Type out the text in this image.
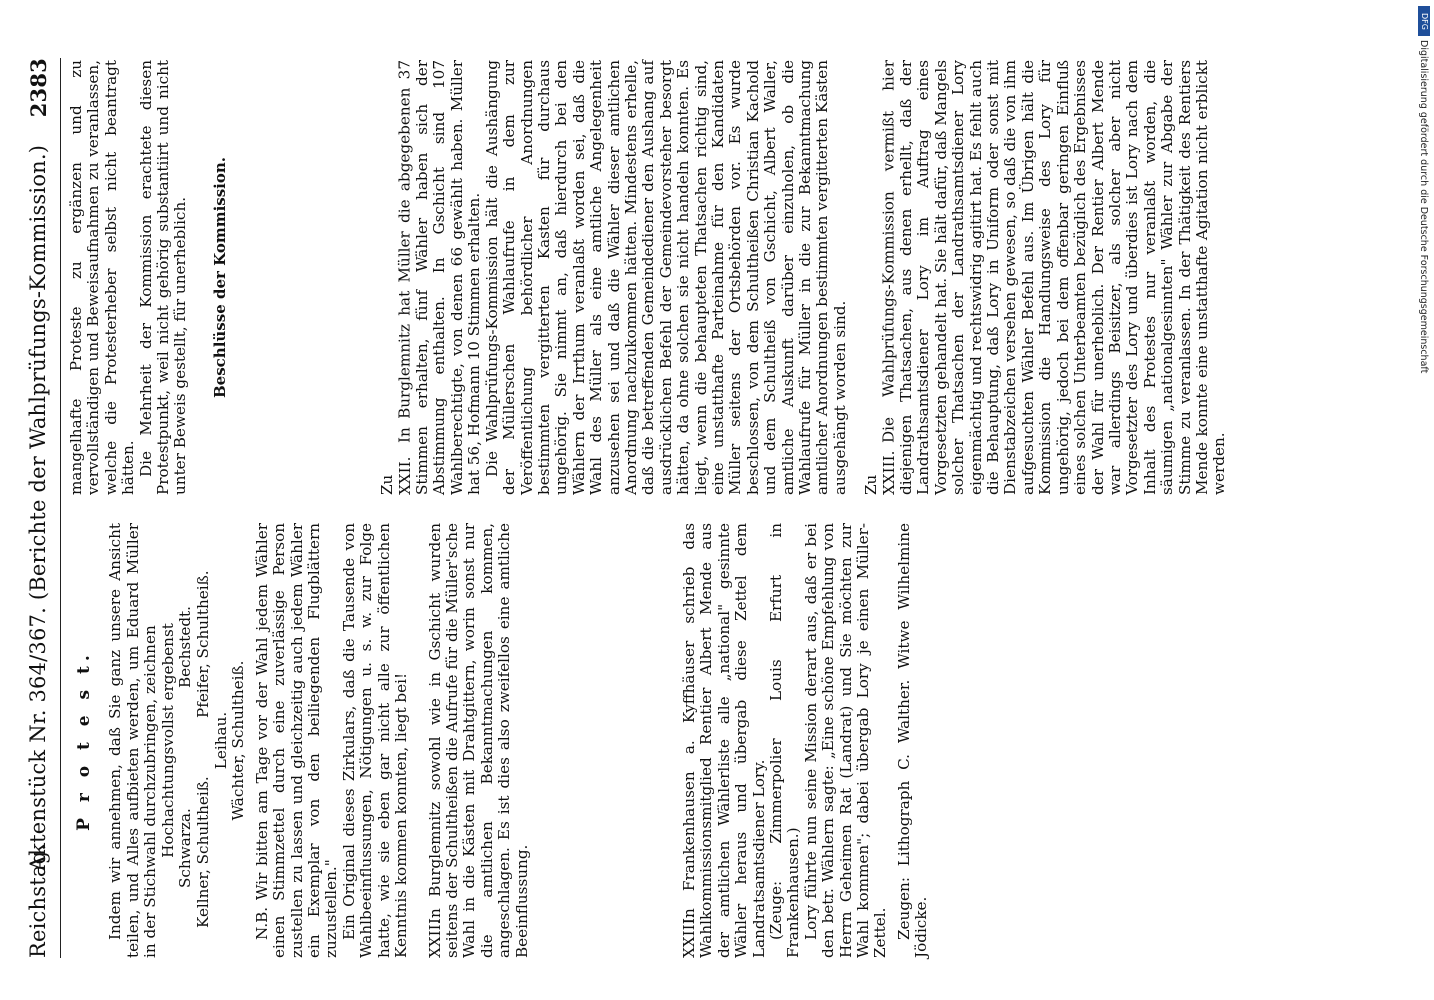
Reichstag.
Aktenstück Nr. 364/367. (Berichte der Wahlprüfungs-Kommission.)
2383
P r o t e s t. Indem wir annehmen, daß Sie ganz unsere Ansicht teilen, und Alles aufbieten werden, um Eduard Müller in der Stichwahl durchzubringen, zeichnen Hochachtungsvollst ergebenst Schwarza.
Bechstedt.
Kellner, Schultheiß.
Pfeifer, Schultheiß.

Leihau. Wächter, Schultheiß. N.B. Wir bitten am Tage vor der Wahl jedem Wähler einen Stimmzettel durch eine zuverlässige Person zustellen zu lassen und gleichzeitig auch jedem Wähler ein Exemplar von den beiliegenden Flugblättern zuzustellen." Ein Original dieses Zirkulars, daß die Tausende von Wahlbeeinflussungen, Nötigungen u. s. w. zur Folge hatte, wie sie eben gar nicht alle zur öffentlichen Kenntnis kommen konnten, liegt bei! XXII.In Burglemnitz sowohl wie in Gschicht wurden seitens der Schultheißen die Aufrufe für die Müller'sche Wahl in die Kästen mit Drahtgittern, worin sonst nur die amtlichen Bekanntmachungen kommen, angeschlagen. Es ist dies also zweifellos eine amtliche Beeinflussung.	XXIII.In Frankenhausen a. Kyffhäuser schrieb das Wahlkommissionsmitglied Rentier Albert Mende aus der amtlichen Wählerliste alle „national" gesinnte Wähler heraus und übergab diese Zettel dem Landratsamtsdiener Lory. (Zeuge: Zimmerpolier Louis Erfurt in Frankenhausen.) Lory führte nun seine Mission derart aus, daß er bei den betr. Wählern sagte: „Eine schöne Empfehlung von Herrn Geheimen Rat (Landrat) und Sie möchten zur Wahl kommen"; dabei übergab Lory je einen Müller-Zettel. Zeugen: Lithograph C. Walther. Witwe Wilhelmine Jödicke.

mangelhafte Proteste zu ergänzen und zu vervollständigen und Beweisaufnahmen zu veranlassen, welche die Protesterheber selbst nicht beantragt hätten. Die Mehrheit der Kommission erachtete diesen Protestpunkt, weil nicht gehörig substantiirt und nicht unter Beweis gestellt, für unerheblich. Beschlüsse der Kommission.

Zu XXII.In Burglemnitz hat Müller die abgegebenen 37 Stimmen erhalten, fünf Wähler haben sich der Abstimmung enthalten. In Gschicht sind 107 Wahlberechtigte, von denen 66 gewählt haben. Müller hat 56, Hofmann 10 Stimmen erhalten. Die Wahlprüfungs-Kommission hält die Aushängung der Müllerschen Wahlaufrufe in dem zur Veröffentlichung behördlicher Anordnungen bestimmten vergitterten Kasten für durchaus ungehörig. Sie nimmt an, daß hierdurch bei den Wählern der Irrthum veranlaßt worden sei, daß die Wahl des Müller als eine amtliche Angelegenheit anzusehen sei und daß die Wähler dieser amtlichen Anordnung nachzukommen hätten. Mindestens erhelle, daß die betreffenden Gemeindediener den Aushang auf ausdrücklichen Befehl der Gemeindevorsteher besorgt hätten, da ohne solchen sie nicht handeln konnten. Es liegt, wenn die behaupteten Thatsachen richtig sind, eine unstatthafte Parteinahme für den Kandidaten Müller seitens der Ortsbehörden vor. Es wurde beschlossen, von dem Schultheißen Christian Kachold und dem Schultheiß von Gschicht, Albert Waller, amtliche Auskunft darüber einzuholen, ob die Wahlaufrufe für Müller in die zur Bekanntmachung amtlicher Anordnungen bestimmten vergitterten Kästen ausgehängt worden sind. Zu XXIII.Die Wahlprüfungs-Kommission vermißt hier diejenigen Thatsachen, aus denen erhellt, daß der Landrathsamtsdiener Lory im Auftrag eines Vorgesetzten gehandelt hat. Sie hält dafür, daß Mangels solcher Thatsachen der Landrathsamtsdiener Lory eigenmächtig und rechtswidrig agitirt hat. Es fehlt auch die Behauptung, daß Lory in Uniform oder sonst mit Dienstabzeichen versehen gewesen, so daß die von ihm aufgesuchten Wähler Befehl aus. Im Übrigen hält die Kommission die Handlungsweise des Lory für ungehörig, jedoch bei dem offenbar geringen Einfluß eines solchen Unterbeamten bezüglich des Ergebnisses der Wahl für unerheblich. Der Rentier Albert Mende war allerdings Beisitzer, als solcher aber nicht Vorgesetzter des Lory und überdies ist Lory nach dem Inhalt des Protestes nur veranlaßt worden, die säumigen „nationalgesinnten" Wähler zur Abgabe der Stimme zu veranlassen. In der Thätigkeit des Rentiers Mende konnte eine unstatthafte Agitation nicht erblickt werden.

DFG
Digitalisierung gefördert durch die Deutsche Forschungsgemeinschaft
